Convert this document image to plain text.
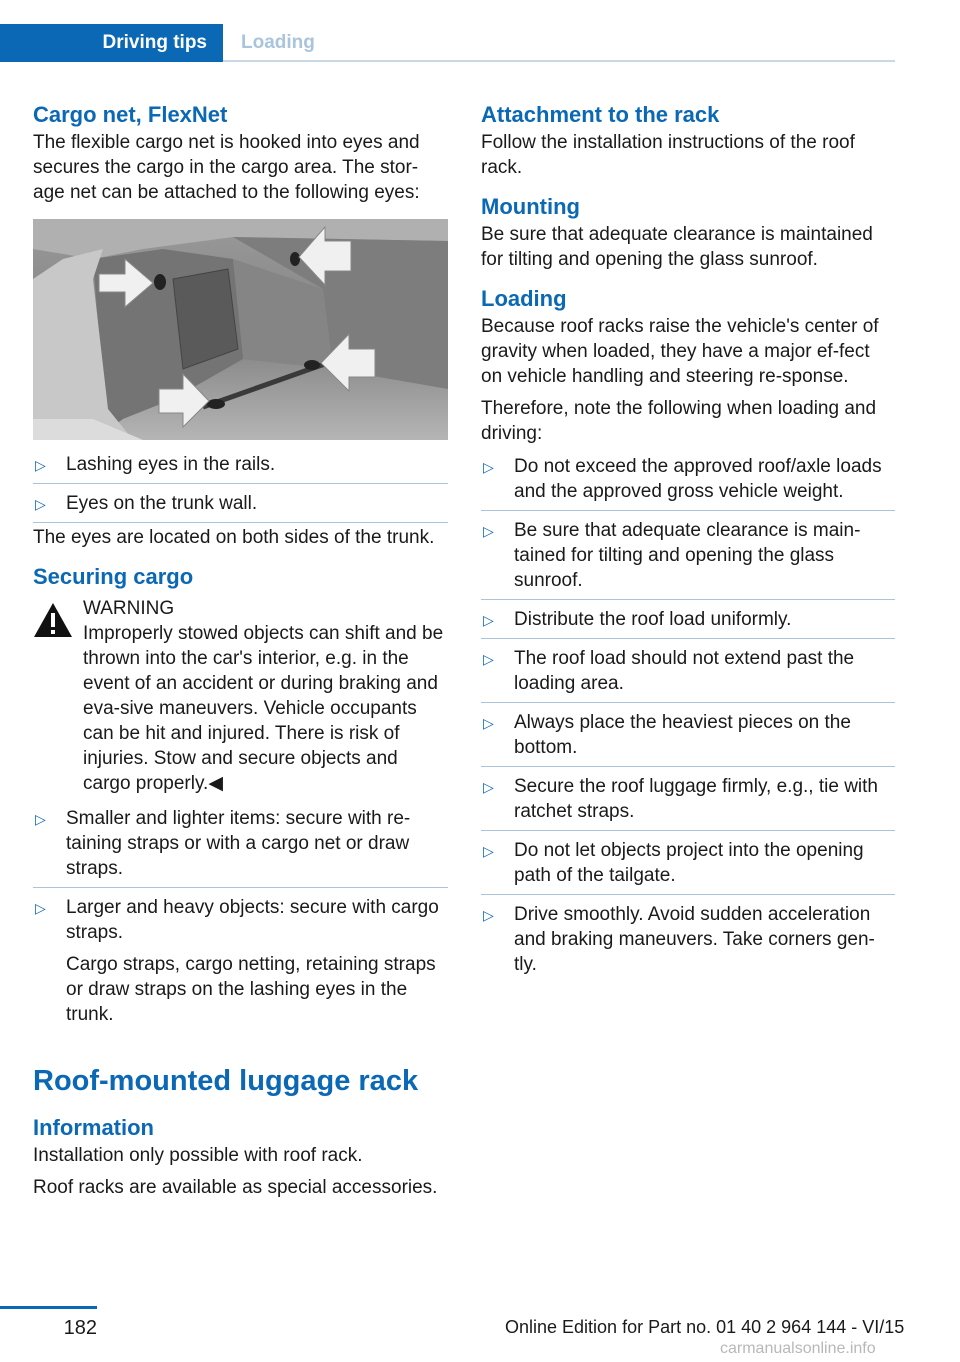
Driving tips	Loading
Cargo net, FlexNet

The flexible cargo net is hooked into eyes and secures the cargo in the cargo area. The stor-age net can be attached to the following eyes:

▷ Lashing eyes in the rails.
▷ Eyes on the trunk wall.

The eyes are located on both sides of the trunk.

Securing cargo

WARNING

Improperly stowed objects can shift and be thrown into the car's interior, e.g. in the event of an accident or during braking and eva-sive maneuvers. Vehicle occupants can be hit and injured. There is risk of injuries. Stow and secure objects and cargo properly.◀

▷ Smaller and lighter items: secure with re-taining straps or with a cargo net or draw straps.
▷ Larger and heavy objects: secure with cargo straps.
Cargo straps, cargo netting, retaining straps or draw straps on the lashing eyes in the trunk.
Roof-mounted luggage rack
Information

Installation only possible with roof rack.

Roof racks are available as special accessories.

Attachment to the rack

Follow the installation instructions of the roof rack.

Mounting

Be sure that adequate clearance is maintained for tilting and opening the glass sunroof.

Loading

Because roof racks raise the vehicle's center of gravity when loaded, they have a major ef-fect on vehicle handling and steering re-sponse.

Therefore, note the following when loading and driving:

▷ Do not exceed the approved roof/axle loads and the approved gross vehicle weight.
▷ Be sure that adequate clearance is main-tained for tilting and opening the glass sunroof.
▷ Distribute the roof load uniformly.
▷ The roof load should not extend past the loading area.
▷ Always place the heaviest pieces on the bottom.
▷ Secure the roof luggage firmly, e.g., tie with ratchet straps.
▷ Do not let objects project into the opening path of the tailgate.
▷ Drive smoothly. Avoid sudden acceleration and braking maneuvers. Take corners gen-tly.
182	Online Edition for Part no. 01 40 2 964 144 - VI/15
carmanualsonline.info
